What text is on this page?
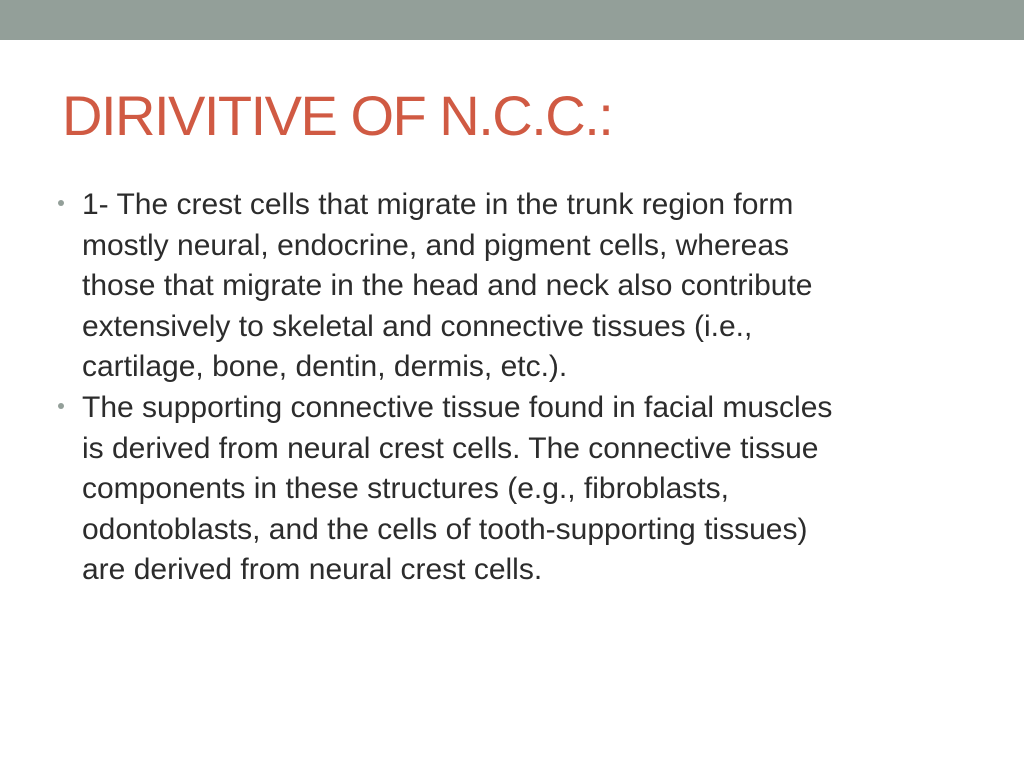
DIRIVITIVE OF N.C.C.:
1- The crest cells that migrate in the trunk region form
mostly neural, endocrine, and pigment cells, whereas
those that migrate in the head and neck also contribute
extensively to skeletal and connective tissues (i.e.,
cartilage, bone, dentin, dermis, etc.).
The supporting connective tissue found in facial muscles
is derived from neural crest cells. The connective tissue
components in these structures (e.g., fibroblasts,
odontoblasts, and the cells of tooth-supporting tissues)
are derived from neural crest cells.
